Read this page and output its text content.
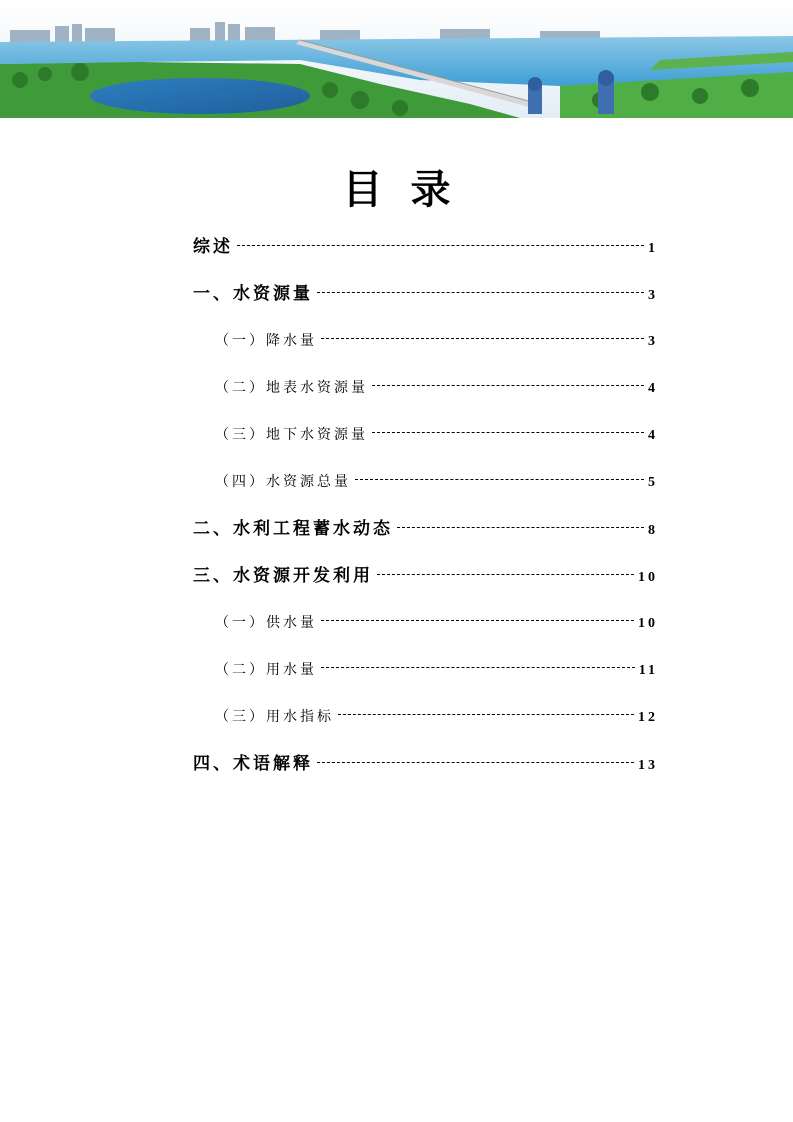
目录
综述	1
一、水资源量	3
（一）降水量	3
（二）地表水资源量	4
（三）地下水资源量	4
（四）水资源总量	5
二、水利工程蓄水动态	8
三、水资源开发利用	10
（一）供水量	10
（二）用水量	11
（三）用水指标	12
四、术语解释	13
